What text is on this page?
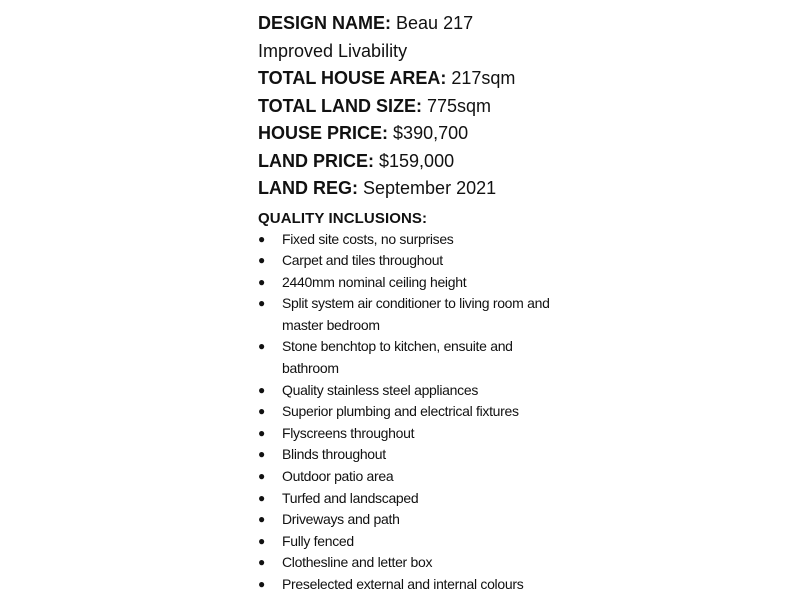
DESIGN NAME: Beau 217
Improved Livability
TOTAL HOUSE AREA: 217sqm
TOTAL LAND SIZE: 775sqm
HOUSE PRICE: $390,700
LAND PRICE: $159,000
LAND REG: September 2021
QUALITY INCLUSIONS:
● Fixed site costs, no surprises
● Carpet and tiles throughout
● 2440mm nominal ceiling height
● Split system air conditioner to living room and master bedroom
● Stone benchtop to kitchen, ensuite and bathroom
● Quality stainless steel appliances
● Superior plumbing and electrical fixtures
● Flyscreens throughout
● Blinds throughout
● Outdoor patio area
● Turfed and landscaped
● Driveways and path
● Fully fenced
● Clothesline and letter box
● Preselected external and internal colours
